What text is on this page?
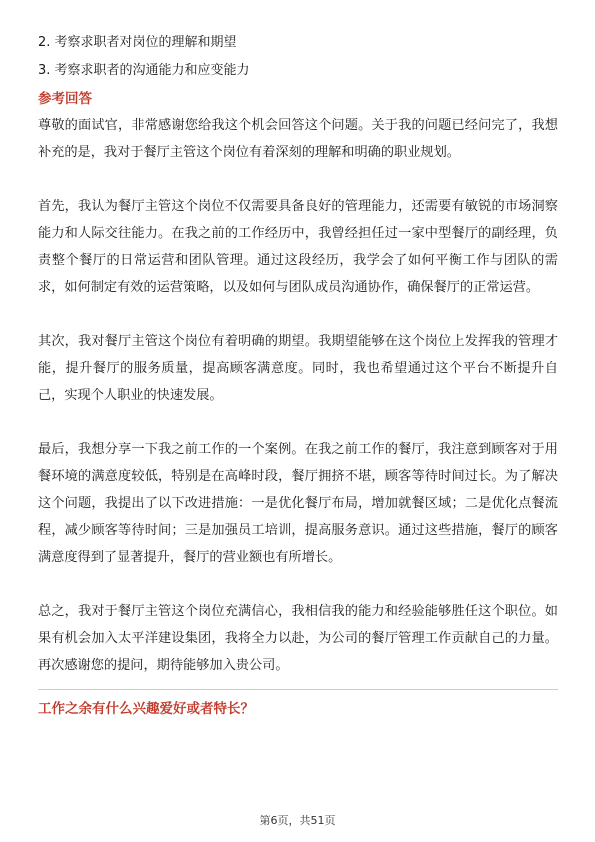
2. 考察求职者对岗位的理解和期望

3. 考察求职者的沟通能力和应变能力

参考回答

尊敬的面试官，非常感谢您给我这个机会回答这个问题。关于我的问题已经问完了，我想补充的是，我对于餐厅主管这个岗位有着深刻的理解和明确的职业规划。

首先，我认为餐厅主管这个岗位不仅需要具备良好的管理能力，还需要有敏锐的市场洞察能力和人际交往能力。在我之前的工作经历中，我曾经担任过一家中型餐厅的副经理，负责整个餐厅的日常运营和团队管理。通过这段经历，我学会了如何平衡工作与团队的需求，如何制定有效的运营策略，以及如何与团队成员沟通协作，确保餐厅的正常运营。

其次，我对餐厅主管这个岗位有着明确的期望。我期望能够在这个岗位上发挥我的管理才能，提升餐厅的服务质量，提高顾客满意度。同时，我也希望通过这个平台不断提升自己，实现个人职业的快速发展。

最后，我想分享一下我之前工作的一个案例。在我之前工作的餐厅，我注意到顾客对于用餐环境的满意度较低，特别是在高峰时段，餐厅拥挤不堪，顾客等待时间过长。为了解决这个问题，我提出了以下改进措施：一是优化餐厅布局，增加就餐区域；二是优化点餐流程，减少顾客等待时间；三是加强员工培训，提高服务意识。通过这些措施，餐厅的顾客满意度得到了显著提升，餐厅的营业额也有所增长。

总之，我对于餐厅主管这个岗位充满信心，我相信我的能力和经验能够胜任这个职位。如果有机会加入太平洋建设集团，我将全力以赴，为公司的餐厅管理工作贡献自己的力量。再次感谢您的提问，期待能够加入贵公司。

工作之余有什么兴趣爱好或者特长？

第6页，共51页
